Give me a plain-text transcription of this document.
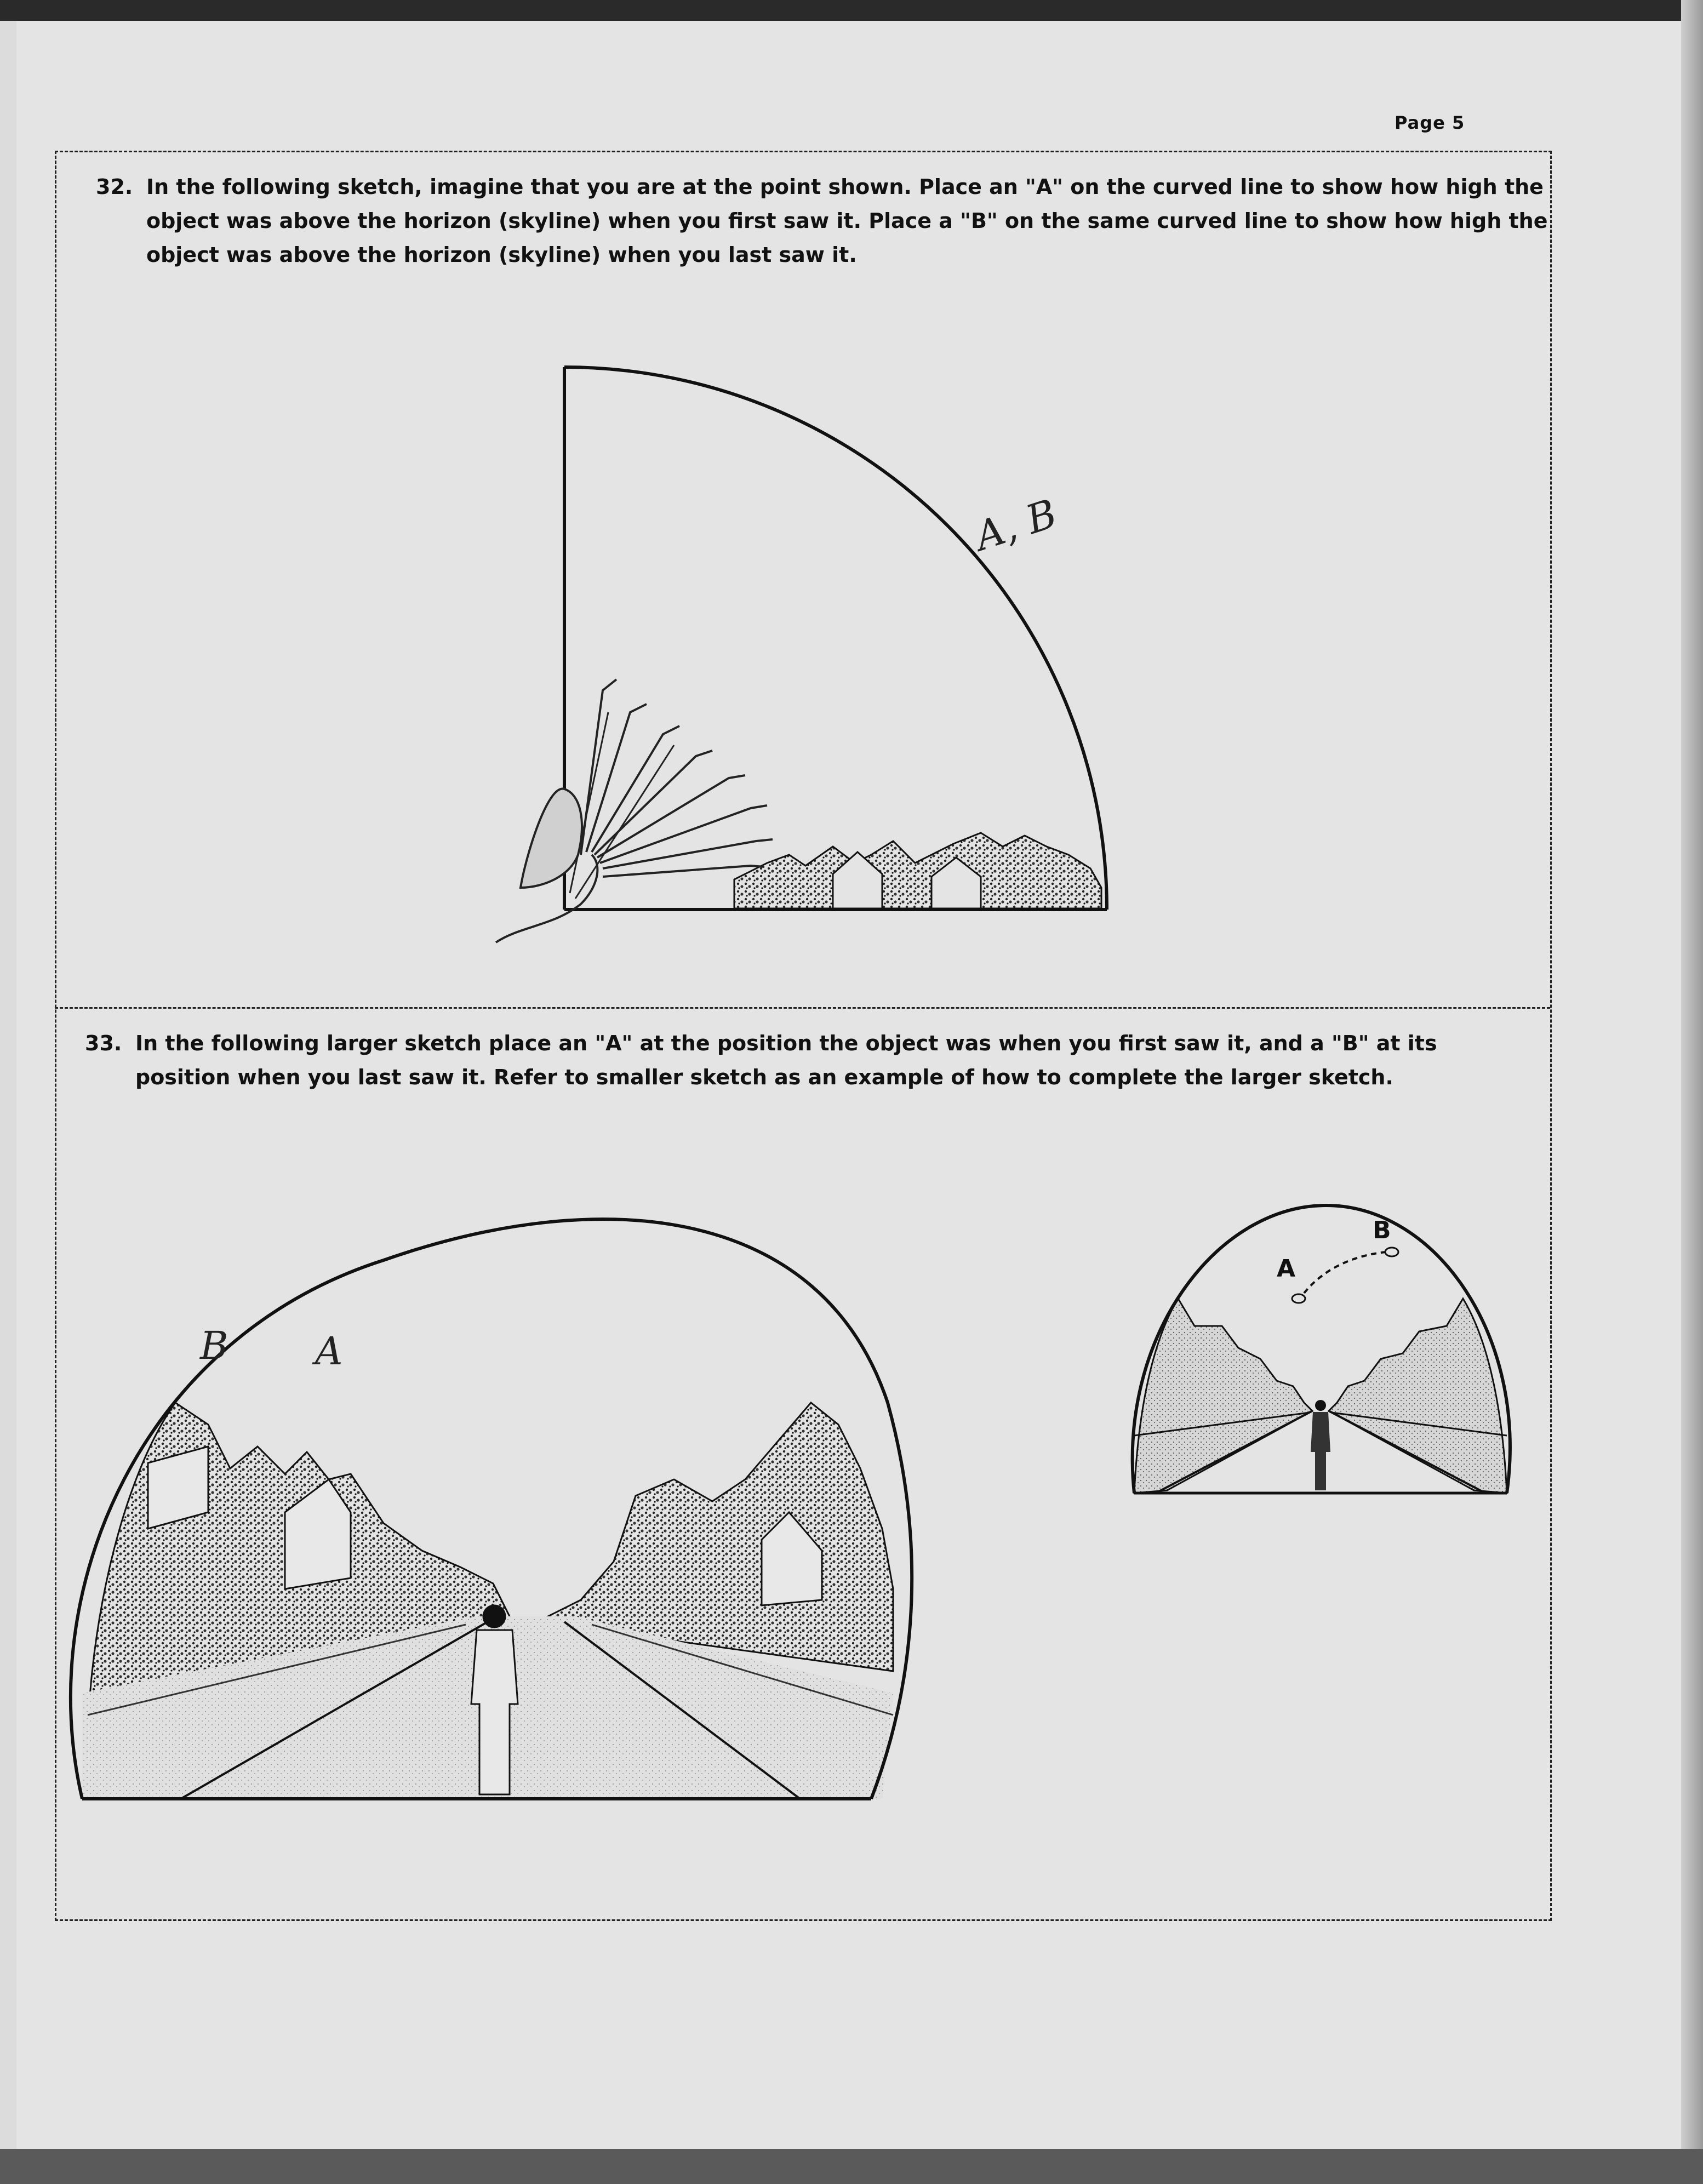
Page 5
32. In the following sketch, imagine that you are at the point shown. Place an "A" on the curved line to show how high the object was above the horizon (skyline) when you first saw it. Place a "B" on the same curved line to show how high the object was above the horizon (skyline) when you last saw it.
33. In the following larger sketch place an "A" at the position the object was when you first saw it, and a "B" at its position when you last saw it. Refer to smaller sketch as an example of how to complete the larger sketch.
A, B
B A
A
B
